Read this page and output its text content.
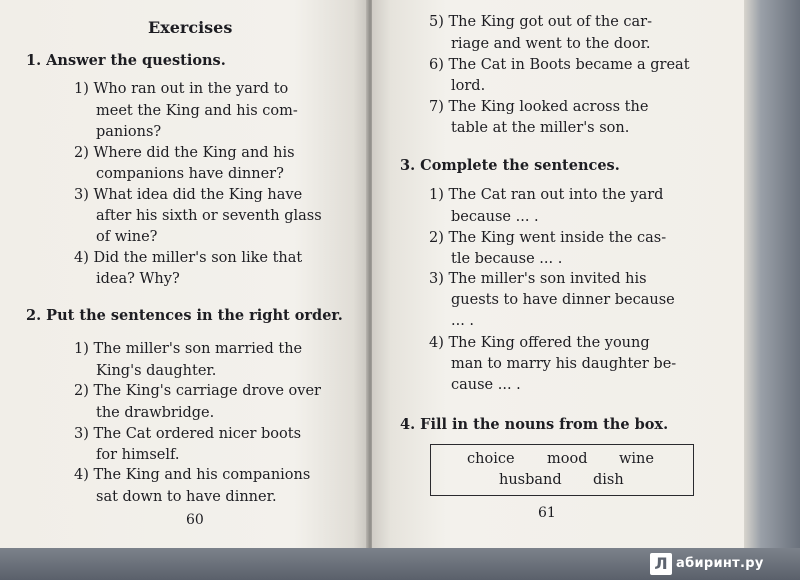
Exercises
1. Answer the questions.
1) Who ran out in the yard to
meet the King and his com-
panions?
2) Where did the King and his
companions have dinner?
3) What idea did the King have
after his sixth or seventh glass
of wine?
4) Did the miller's son like that
idea? Why?
2. Put the sentences in the right order.
1) The miller's son married the
King's daughter.
2) The King's carriage drove over
the drawbridge.
3) The Cat ordered nicer boots
for himself.
4) The King and his companions
sat down to have dinner.
60
5) The King got out of the car-
riage and went to the door.
6) The Cat in Boots became a great
lord.
7) The King looked across the
table at the miller's son.
3. Complete the sentences.
1) The Cat ran out into the yard
because ... .
2) The King went inside the cas-
tle because ... .
3) The miller's son invited his
guests to have dinner because
... .
4) The King offered the young
man to marry his daughter be-
cause ... .
4. Fill in the nouns from the box.
61
choice mood wine
husband dish
Л абиринт.ру
